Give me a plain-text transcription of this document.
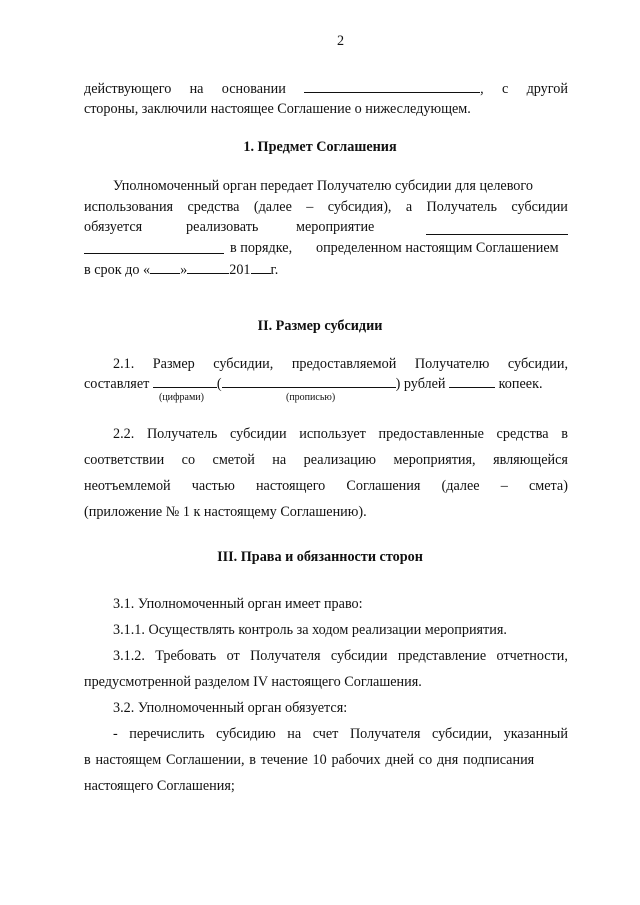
2
действующего на основании	, с другой
стороны, заключили настоящее Соглашение о нижеследующем.
1. Предмет Соглашения
Уполномоченный орган передает Получателю субсидии для целевого
использования средства (далее – субсидия), а Получатель субсидии
обязуется	реализовать	мероприятие
в порядке, определенном настоящим Соглашением
в срок до « »	201 г.
II. Размер субсидии
2.1. Размер субсидии, предоставляемой Получателю субсидии,
составляет	(	) рублей	копеек.
(цифрами)	(прописью)
2.2. Получатель субсидии использует предоставленные средства в
соответствии со сметой на реализацию мероприятия, являющейся
неотъемлемой частью настоящего Соглашения (далее – смета)
(приложение № 1 к настоящему Соглашению).
III. Права и обязанности сторон
3.1. Уполномоченный орган имеет право:
3.1.1. Осуществлять контроль за ходом реализации мероприятия.
3.1.2. Требовать от Получателя субсидии представление отчетности,
предусмотренной разделом IV настоящего Соглашения.
3.2. Уполномоченный орган обязуется:
- перечислить субсидию на счет Получателя субсидии, указанный
в настоящем Соглашении, в течение 10 рабочих дней со дня подписания
настоящего Соглашения;
